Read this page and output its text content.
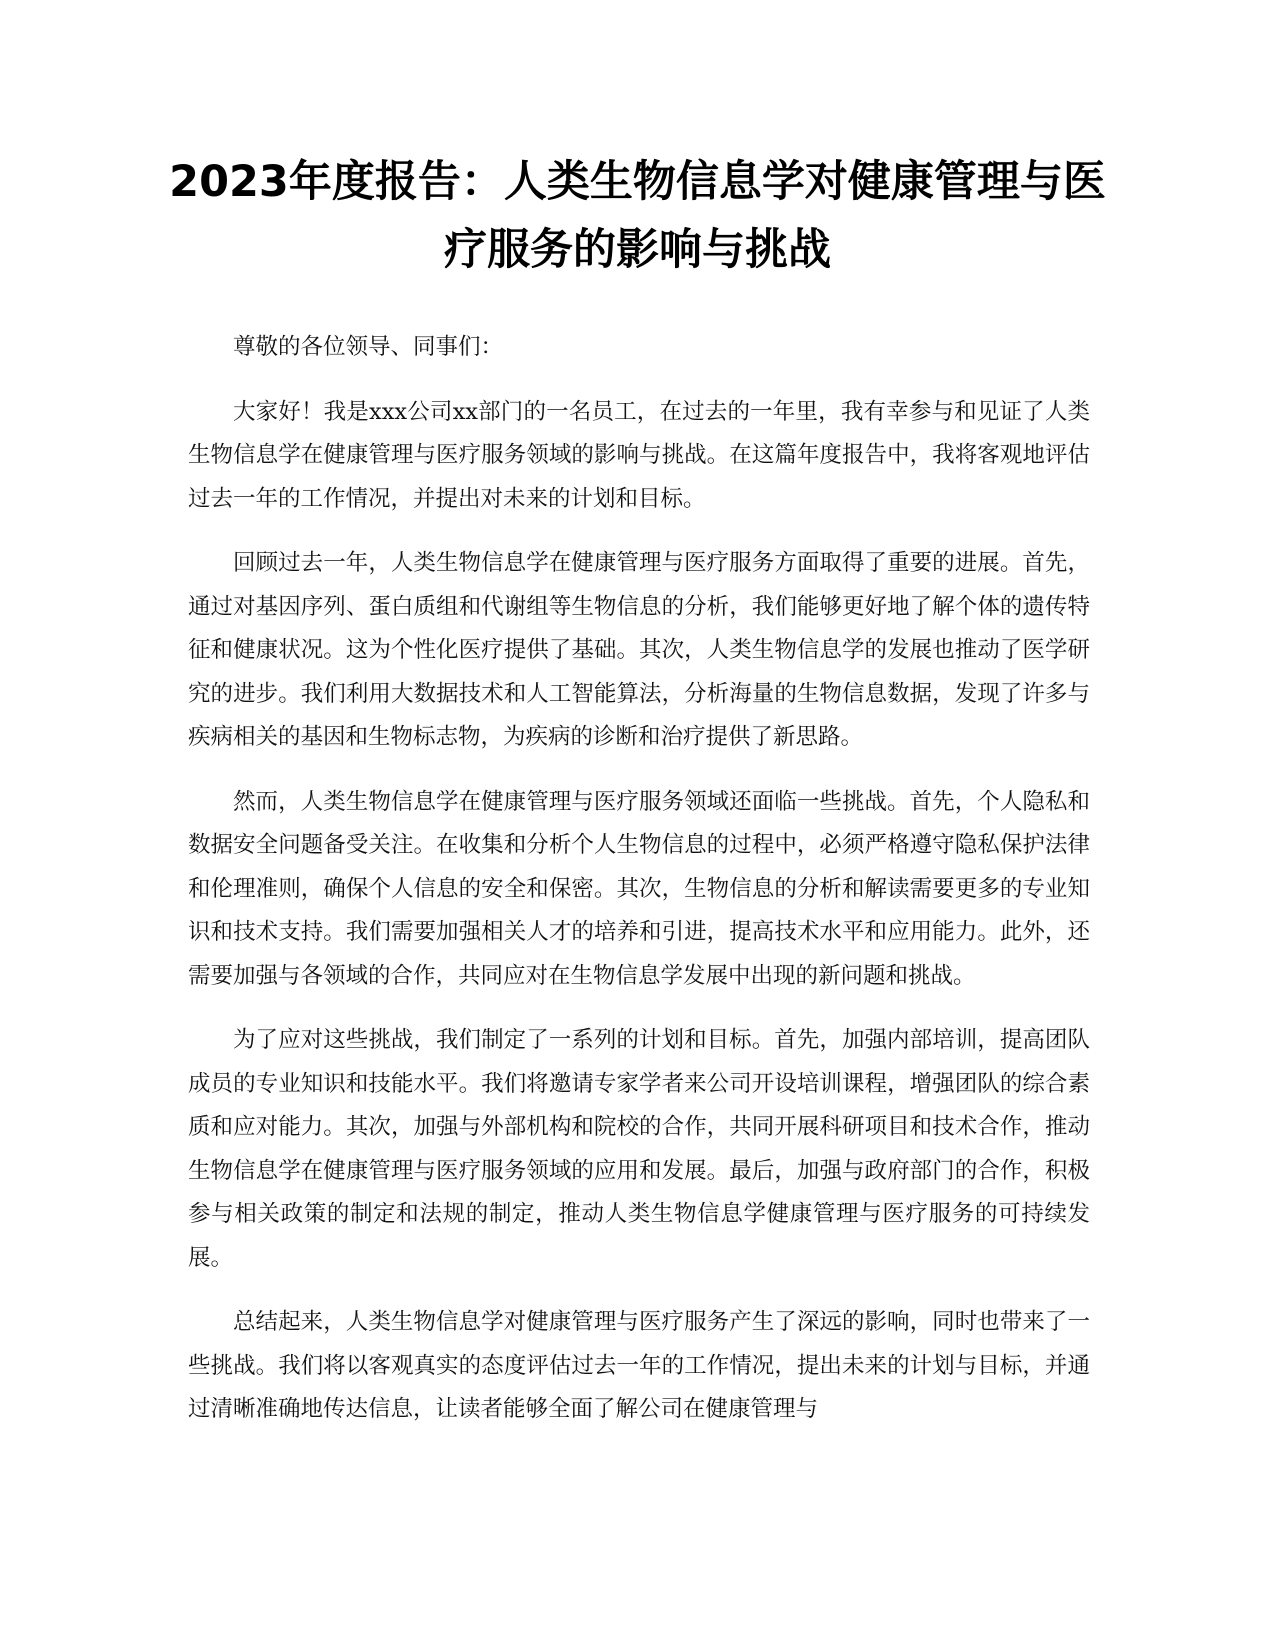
2023年度报告：人类生物信息学对健康管理与医疗服务的影响与挑战

尊敬的各位领导、同事们：

大家好！我是xxx公司xx部门的一名员工，在过去的一年里，我有幸参与和见证了人类生物信息学在健康管理与医疗服务领域的影响与挑战。在这篇年度报告中，我将客观地评估过去一年的工作情况，并提出对未来的计划和目标。

回顾过去一年，人类生物信息学在健康管理与医疗服务方面取得了重要的进展。首先，通过对基因序列、蛋白质组和代谢组等生物信息的分析，我们能够更好地了解个体的遗传特征和健康状况。这为个性化医疗提供了基础。其次，人类生物信息学的发展也推动了医学研究的进步。我们利用大数据技术和人工智能算法，分析海量的生物信息数据，发现了许多与疾病相关的基因和生物标志物，为疾病的诊断和治疗提供了新思路。

然而，人类生物信息学在健康管理与医疗服务领域还面临一些挑战。首先，个人隐私和数据安全问题备受关注。在收集和分析个人生物信息的过程中，必须严格遵守隐私保护法律和伦理准则，确保个人信息的安全和保密。其次，生物信息的分析和解读需要更多的专业知识和技术支持。我们需要加强相关人才的培养和引进，提高技术水平和应用能力。此外，还需要加强与各领域的合作，共同应对在生物信息学发展中出现的新问题和挑战。

为了应对这些挑战，我们制定了一系列的计划和目标。首先，加强内部培训，提高团队成员的专业知识和技能水平。我们将邀请专家学者来公司开设培训课程，增强团队的综合素质和应对能力。其次，加强与外部机构和院校的合作，共同开展科研项目和技术合作，推动生物信息学在健康管理与医疗服务领域的应用和发展。最后，加强与政府部门的合作，积极参与相关政策的制定和法规的制定，推动人类生物信息学健康管理与医疗服务的可持续发展。

总结起来，人类生物信息学对健康管理与医疗服务产生了深远的影响，同时也带来了一些挑战。我们将以客观真实的态度评估过去一年的工作情况，提出未来的计划与目标，并通过清晰准确地传达信息，让读者能够全面了解公司在健康管理与
